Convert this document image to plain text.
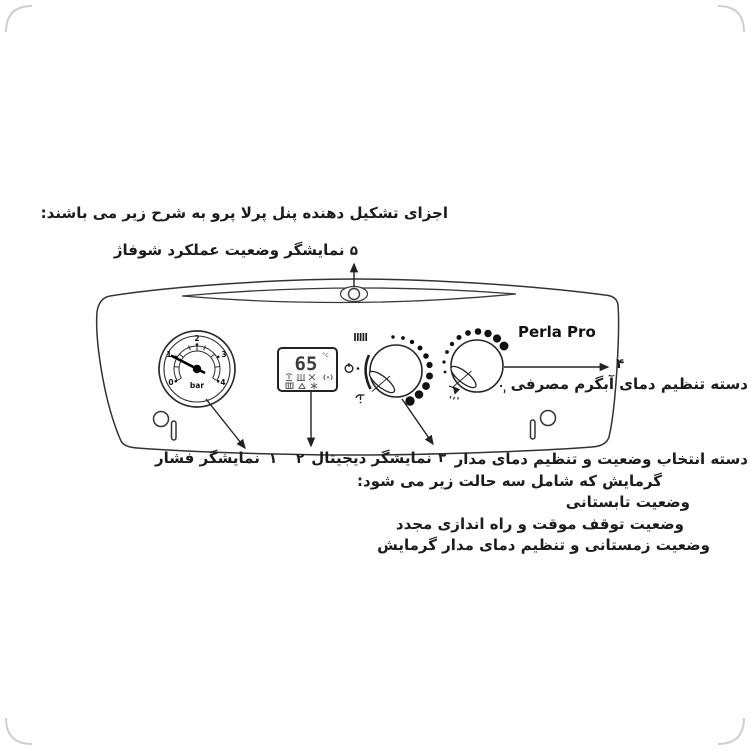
0
1
2
3
4
bar
65 °c
اجزای تشکیل دهنده پنل پرلا پرو به شرح زیر می باشند:
۵ نمایشگر وضعیت عملکرد شوفاژ
Perla Pro
۴
دسته تنظیم دمای آبگرم مصرفی
نمایشگر فشار ۱ ۲ نمایشگر دیجیتال ۳ دسته انتخاب وضعیت و تنظیم دمای مدار
گرمایش که شامل سه حالت زیر می شود:
وضعیت تابستانی
وضعیت توقف موقت و راه اندازی مجدد
وضعیت زمستانی و تنظیم دمای مدار گرمایش
